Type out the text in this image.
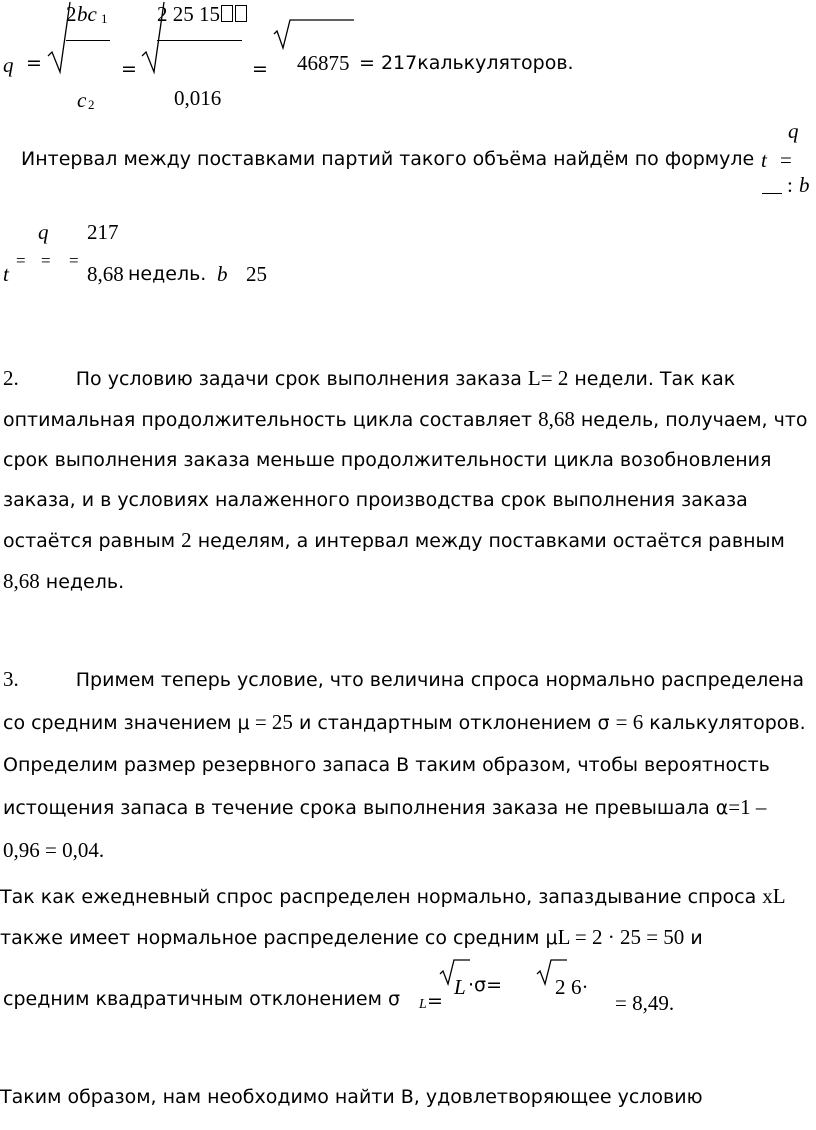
q =
2 bc 1
c 2
=
2 25 15
0,016
= 46875 = 217калькуляторов.
q
Интервал между поставками партий такого объёма найдём по формуле t =
: b
q 217
t
= = =
8,68 недель. b 25
2.	По условию задачи срок выполнения заказа L= 2 недели. Так как оптимальная продолжительность цикла составляет 8,68 недель, получаем, что срок выполнения заказа меньше продолжительности цикла возобновления заказа, и в условиях налаженного производства срок выполнения заказа остаётся равным 2 неделям, а интервал между поставками остаётся равным 8,68 недель.
3.	Примем теперь условие, что величина спроса нормально распределена со средним значением μ = 25 и стандартным отклонением σ = 6 калькуляторов. Определим размер резервного запаса B таким образом, чтобы вероятность истощения запаса в течение срока выполнения заказа не превышала α=1 – 0,96 = 0,04.
Так как ежедневный спрос распределен нормально, запаздывание спроса xL также имеет нормальное распределение со средним μL = 2 · 25 = 50 и
средним квадратичным отклонением σ L =
L ·σ=	2 6·
= 8,49.
Таким образом, нам необходимо найти B, удовлетворяющее условию
